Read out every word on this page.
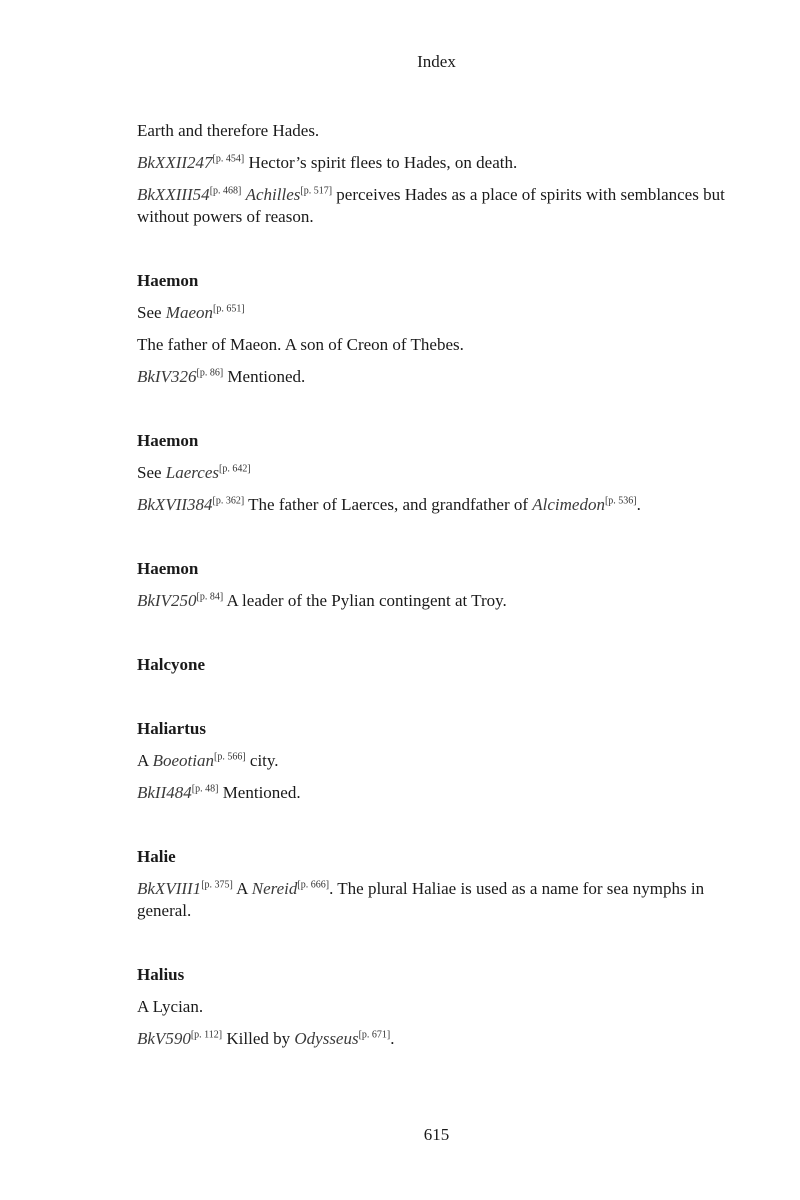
Index

Earth and therefore Hades.

BkXXII247[p. 454] Hector’s spirit flees to Hades, on death.

BkXXIII54[p. 468] Achilles[p. 517] perceives Hades as a place of spirits with semblances but without powers of reason.

Haemon

See Maeon[p. 651]

The father of Maeon. A son of Creon of Thebes.

BkIV326[p. 86] Mentioned.

Haemon

See Laerces[p. 642]

BkXVII384[p. 362] The father of Laerces, and grandfather of Alcimedon[p. 536].

Haemon

BkIV250[p. 84] A leader of the Pylian contingent at Troy.

Halcyone

Haliartus

A Boeotian[p. 566] city.

BkII484[p. 48] Mentioned.

Halie

BkXVIII1[p. 375] A Nereid[p. 666]. The plural Haliae is used as a name for sea nymphs in general.

Halius

A Lycian.

BkV590[p. 112] Killed by Odysseus[p. 671].

615
